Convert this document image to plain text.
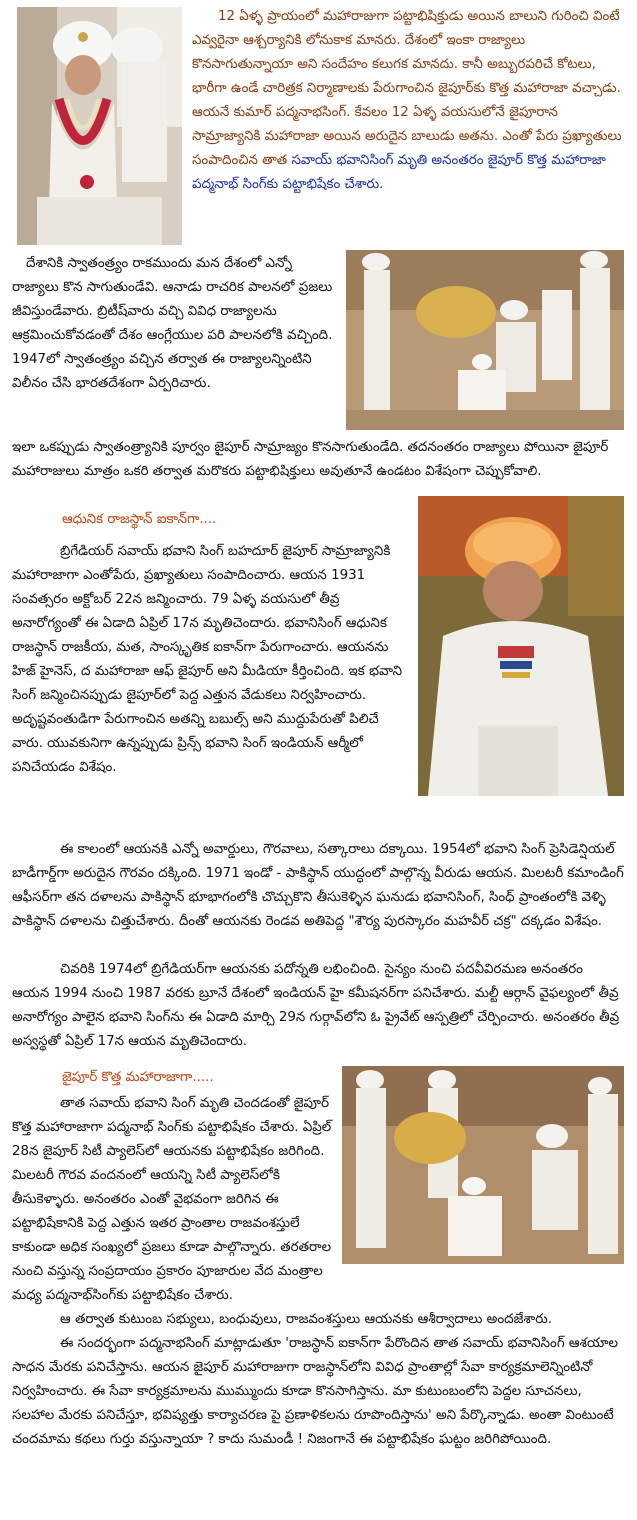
12 ఏళ్ళ ప్రాయంలో మహారాజుగా పట్టాభిషిక్తుడు అయిన బాలుని గురించి వింటే ఎవ్వరైనా ఆశ్చర్యానికి లోనుకాక మానరు. దేశంలో ఇంకా రాజ్యాలు కొనసాగుతున్నాయా అని సందేహం కలుగక మానదు. కానీ అబ్బురపరిచే కోటలు, భారీగా ఉండే చారిత్రక నిర్మాణాలకు పేరుగాంచిన జైపూర్‌కు కొత్త మహారాజా వచ్చాడు. ఆయనే కుమార్ పద్మనాభసింగ్. కేవలం 12 ఏళ్ళ వయసులోనే జైపూరాన సామ్రాజ్యానికి మహారాజా అయిన అరుదైన బాలుడు అతను. ఎంతో పేరు ప్రఖ్యాతులు సంపాదించిన తాత సవాయ్ భవానిసింగ్ మృతి అనంతరం జైపూర్ కొత్త మహారాజా పద్మనాభ్ సింగ్‌కు పట్టాభిషేకం చేశారు.
దేశానికి స్వాతంత్ర్యం రాకముందు మన దేశంలో ఎన్నో రాజ్యాలు కొన సాగుతుండేవి. ఆనాడు రాచరిక పాలనలో ప్రజలు జీవిస్తుండేవారు. బ్రిటీష్‌వారు వచ్చి వివిధ రాజ్యాలను ఆక్రమించుకోవడంతో దేశం ఆంగ్లేయుల పరి పాలనలోకి వచ్చింది. 1947లో స్వాతంత్ర్యం వచ్చిన తర్వాత ఈ రాజ్యాలన్నింటిని విలీనం చేసి భారతదేశంగా ఏర్పరిచారు.

ఇలా ఒకప్పుడు స్వాతంత్ర్యానికి పూర్వం జైపూర్ సామ్రాజ్యం కొనసాగుతుండేది. తదనంతరం రాజ్యాలు పోయినా జైపూర్ మహారాజులు మాత్రం ఒకరి తర్వాత మరొకరు పట్టాభిషిక్తులు అవుతూనే ఉండటం విశేషంగా చెప్పుకోవాలి.

ఆధునిక రాజస్థాన్ ఐకాన్‌గా....
బ్రిగేడియర్ సవాయ్ భవాని సింగ్ బహదూర్ జైపూర్ సామ్రాజ్యానికి మహారాజాగా ఎంతోపేరు, ప్రఖ్యాతులు సంపాదించారు. ఆయన 1931 సంవత్సరం అక్టోబర్ 22న జన్మించారు. 79 ఏళ్ళ వయసులో తీవ్ర అనారోగ్యంతో ఈ ఏడాది ఏప్రిల్ 17న మృతిచెందారు. భవానిసింగ్ ఆధునిక రాజస్థాన్ రాజకీయ, మత, సాంస్కృతిక ఐకాన్‌గా పేరుగాంచారు. ఆయనను హిజ్ హైనెస్, ద మహారాజా ఆఫ్ జైపూర్ అని మీడియా కీర్తించింది. ఇక భవాని సింగ్ జన్మించినప్పుడు జైపూర్‌లో పెద్ద ఎత్తున వేడుకలు నిర్వహించారు. అదృష్టవంతుడిగా పేరుగాంచిన అతన్ని బబుల్స్ అని ముద్దుపేరుతో పిలిచే వారు. యువకునిగా ఉన్నప్పుడు ప్రిన్స్ భవాని సింగ్ ఇండియన్ ఆర్మీలో పనిచేయడం విశేషం.

ఈ కాలంలో ఆయనకి ఎన్నో అవార్డులు, గౌరవాలు, సత్కారాలు దక్కాయి. 1954లో భవాని సింగ్ ప్రెసిడెన్షియల్ బాడీగార్డ్‌గా అరుదైన గౌరవం దక్కింది. 1971 ఇండో - పాకిస్థాన్ యుద్ధంలో పాల్గొన్న వీరుడు ఆయన. మిలటరీ కమాండింగ్ ఆఫీసర్‌గా తన దళాలను పాకిస్థాన్ భూభాగంలోకి చొచ్చుకొని తీసుకెళ్ళిన ఘనుడు భవానిసింగ్, సింధ్ ప్రాంతంలోకి వెళ్ళి పాకిస్థాన్ దళాలను చిత్తుచేశారు. దీంతో ఆయనకు రెండవ అతిపెద్ద "శౌర్య పురస్కారం మహవీర్ చక్ర" దక్కడం విశేషం.

చివరికి 1974లో బ్రిగేడియర్‌గా ఆయనకు పదోన్నతి లభించింది. సైన్యం నుంచి పదవీవిరమణ అనంతరం ఆయన 1994 నుంచి 1987 వరకు బ్రూనే దేశంలో ఇండియన్ హై కమీషనర్‌గా పనిచేశారు. మల్టీ ఆర్గాన్ వైఫల్యంలో తీవ్ర అనారోగ్యం పాలైన భవాని సింగ్‌ను ఈ ఏడాది మార్చి 29న గుర్గావ్‌లోని ఓ ప్రైవేట్ ఆస్పత్రిలో చేర్పించారు. అనంతరం తీవ్ర అస్వస్థతో ఏప్రిల్ 17న ఆయన మృతిచెందారు.

జైపూర్ కొత్త మహారాజాగా.....
తాత సవాయ్ భవాని సింగ్ మృతి చెందడంతో జైపూర్ కొత్త మహారాజాగా పద్మనాభ్ సింగ్‌కు పట్టాభిషేకం చేశారు. ఏప్రిల్ 28న జైపూర్ సిటీ ప్యాలెస్‌లో ఆయనకు పట్టాభిషేకం జరిగింది. మిలటరీ గౌరవ వందనంలో ఆయన్ని సిటీ ప్యాలెస్‌లోకి తీసుకెళ్ళారు. అనంతరం ఎంతో వైభవంగా జరిగిన ఈ పట్టాభిషేకానికి పెద్ద ఎత్తున ఇతర ప్రాంతాల రాజవంశస్తులే కాకుండా అధిక సంఖ్యలో ప్రజలు కూడా పాల్గొన్నారు. తరతరాల నుంచి వస్తున్న సంప్రదాయం ప్రకారం పూజారుల వేద మంత్రాల మధ్య పద్మనాభ్‌సింగ్‌కు పట్టాభిషేకం చేశారు.

ఆ తర్వాత కుటుంబ సభ్యులు, బంధువులు, రాజవంశస్తులు ఆయనకు ఆశీర్వాదాలు అందజేశారు.

ఈ సందర్భంగా పద్మనాభసింగ్ మాట్లాడుతూ 'రాజస్థాన్ ఐకాన్‌గా పేరొందిన తాత సవాయ్ భవానిసింగ్ ఆశయాల సాధన మేరకు పనిచేస్తాను. ఆయన జైపూర్ మహారాజుగా రాజస్థాన్‌లోని వివిధ ప్రాంతాల్లో సేవా కార్యక్రమాలెన్నింటినో నిర్వహించారు. ఈ సేవా కార్యక్రమాలను ముమ్ముందు కూడా కొనసాగిస్తాను. మా కుటుంబంలోని పెద్దల సూచనలు, సలహాల మేరకు పనిచేస్తూ, భవిష్యత్తు కార్యాచరణ పై ప్రణాళికలను రూపొందిస్తాను' అని పేర్కొన్నాడు. అంతా వింటుంటే చందమామ కథలు గుర్తు వస్తున్నాయా ? కాదు సుమండీ ! నిజంగానే ఈ పట్టాభిషేకం ఘట్టం జరిగిపోయింది.
